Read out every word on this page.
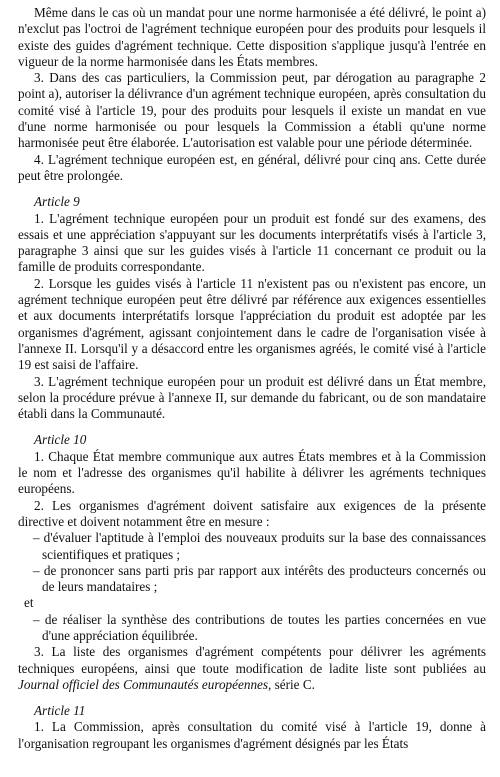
Même dans le cas où un mandat pour une norme harmonisée a été délivré, le point a) n'exclut pas l'octroi de l'agrément technique européen pour des produits pour lesquels il existe des guides d'agrément technique. Cette disposition s'applique jusqu'à l'entrée en vigueur de la norme harmonisée dans les États membres.

3. Dans des cas particuliers, la Commission peut, par dérogation au paragraphe 2 point a), autoriser la délivrance d'un agrément technique européen, après consultation du comité visé à l'article 19, pour des produits pour lesquels il existe un mandat en vue d'une norme harmonisée ou pour lesquels la Commission a établi qu'une norme harmonisée peut être élaborée. L'autorisation est valable pour une période déterminée.

4. L'agrément technique européen est, en général, délivré pour cinq ans. Cette durée peut être prolongée.

Article 9

1. L'agrément technique européen pour un produit est fondé sur des examens, des essais et une appréciation s'appuyant sur les documents interprétatifs visés à l'article 3, paragraphe 3 ainsi que sur les guides visés à l'article 11 concernant ce produit ou la famille de produits correspondante.

2. Lorsque les guides visés à l'article 11 n'existent pas ou n'existent pas encore, un agrément technique européen peut être délivré par référence aux exigences essentielles et aux documents interprétatifs lorsque l'appréciation du produit est adoptée par les organismes d'agrément, agissant conjointement dans le cadre de l'organisation visée à l'annexe II. Lorsqu'il y a désaccord entre les organismes agréés, le comité visé à l'article 19 est saisi de l'affaire.

3. L'agrément technique européen pour un produit est délivré dans un État membre, selon la procédure prévue à l'annexe II, sur demande du fabricant, ou de son mandataire établi dans la Communauté.

Article 10

1. Chaque État membre communique aux autres États membres et à la Commission le nom et l'adresse des organismes qu'il habilite à délivrer les agréments techniques européens.

2. Les organismes d'agrément doivent satisfaire aux exigences de la présente directive et doivent notamment être en mesure :

– d'évaluer l'aptitude à l'emploi des nouveaux produits sur la base des connaissances scientifiques et pratiques ;

– de prononcer sans parti pris par rapport aux intérêts des producteurs concernés ou de leurs mandataires ;

et

– de réaliser la synthèse des contributions de toutes les parties concernées en vue d'une appréciation équilibrée.

3. La liste des organismes d'agrément compétents pour délivrer les agréments techniques européens, ainsi que toute modification de ladite liste sont publiées au Journal officiel des Communautés européennes, série C.

Article 11

1. La Commission, après consultation du comité visé à l'article 19, donne à l'organisation regroupant les organismes d'agrément désignés par les États
